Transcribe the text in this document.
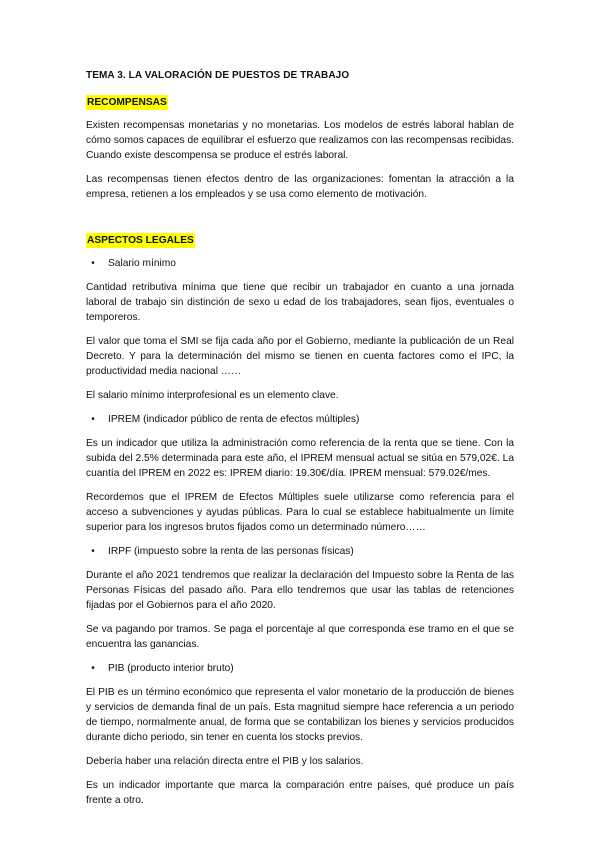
TEMA 3. LA VALORACIÓN DE PUESTOS DE TRABAJO
RECOMPENSAS

Existen recompensas monetarias y no monetarias. Los modelos de estrés laboral hablan de cómo somos capaces de equilibrar el esfuerzo que realizamos con las recompensas recibidas. Cuando existe descompensa se produce el estrés laboral.

Las recompensas tienen efectos dentro de las organizaciones: fomentan la atracción a la empresa, retienen a los empleados y se usa como elemento de motivación.

ASPECTOS LEGALES
•	Salario mínimo

Cantidad retributiva mínima que tiene que recibir un trabajador en cuanto a una jornada laboral de trabajo sin distinción de sexo u edad de los trabajadores, sean fijos, eventuales o temporeros.

El valor que toma el SMI se fija cada año por el Gobierno, mediante la publicación de un Real Decreto. Y para la determinación del mismo se tienen en cuenta factores como el IPC, la productividad media nacional ……

El salario mínimo interprofesional es un elemento clave.

•	IPREM (indicador público de renta de efectos múltiples)

Es un indicador que utiliza la administración como referencia de la renta que se tiene. Con la subida del 2.5% determinada para este año, el IPREM mensual actual se sitúa en 579,02€. La cuantía del IPREM en 2022 es: IPREM diario: 19.30€/día. IPREM mensual: 579.02€/mes.

Recordemos que el IPREM de Efectos Múltiples suele utilizarse como referencia para el acceso a subvenciones y ayudas públicas. Para lo cual se establece habitualmente un límite superior para los ingresos brutos fijados como un determinado número……

•	IRPF (impuesto sobre la renta de las personas físicas)

Durante el año 2021 tendremos que realizar la declaración del Impuesto sobre la Renta de las Personas Físicas del pasado año. Para ello tendremos que usar las tablas de retenciones fijadas por el Gobiernos para el año 2020.

Se va pagando por tramos. Se paga el porcentaje al que corresponda ese tramo en el que se encuentra las ganancias.

•	PIB (producto interior bruto)

El PIB es un término económico que representa el valor monetario de la producción de bienes y servicios de demanda final de un país. Esta magnitud siempre hace referencia a un periodo de tiempo, normalmente anual, de forma que se contabilizan los bienes y servicios producidos durante dicho periodo, sin tener en cuenta los stocks previos.

Debería haber una relación directa entre el PIB y los salarios.

Es un indicador importante que marca la comparación entre países, qué produce un país frente a otro.
